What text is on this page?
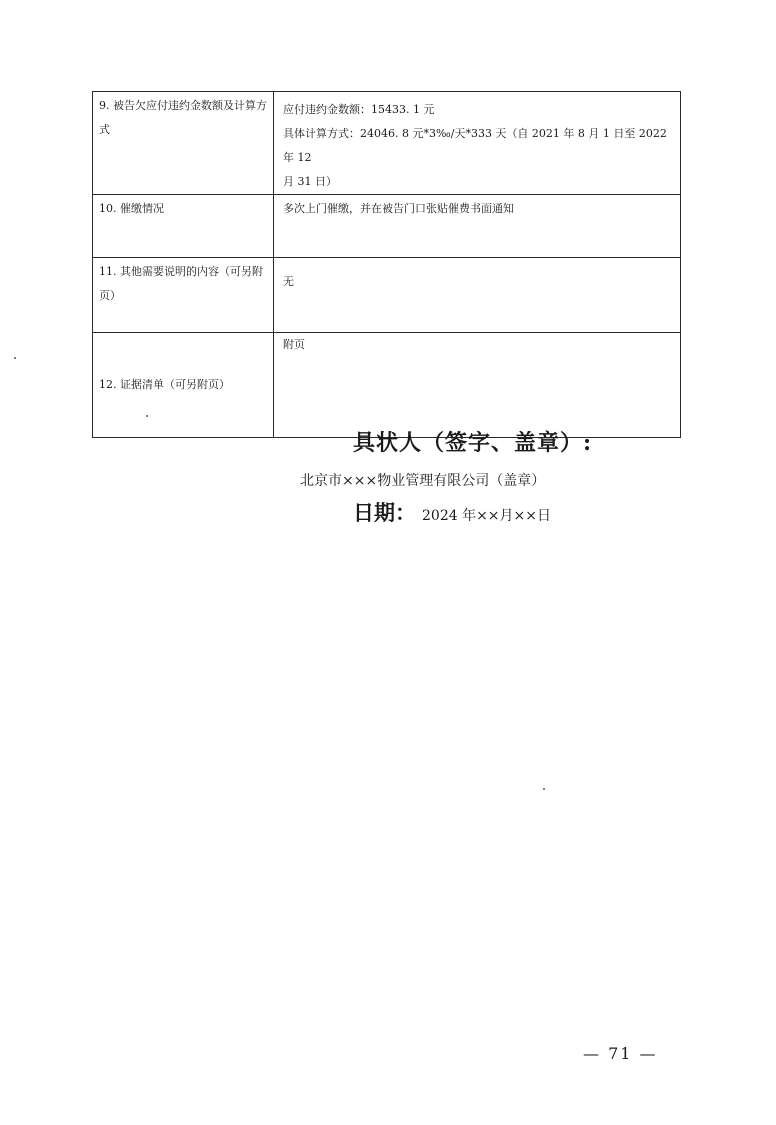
9. 被告欠应付违约金数额及计算方式	应付违约金数额：15433. 1 元
具体计算方式：24046. 8 元*3‰/天*333 天（自 2021 年 8 月 1 日至 2022 年 12
月 31 日）

10. 催缴情况	多次上门催缴，并在被告门口张贴催费书面通知

11. 其他需要说明的内容（可另附页）	无

12. 证据清单（可另附页）	附页
具状人（签字、盖章）:
北京市×××物业管理有限公司（盖章）
日期： 2024 年××月××日
— 71 —
